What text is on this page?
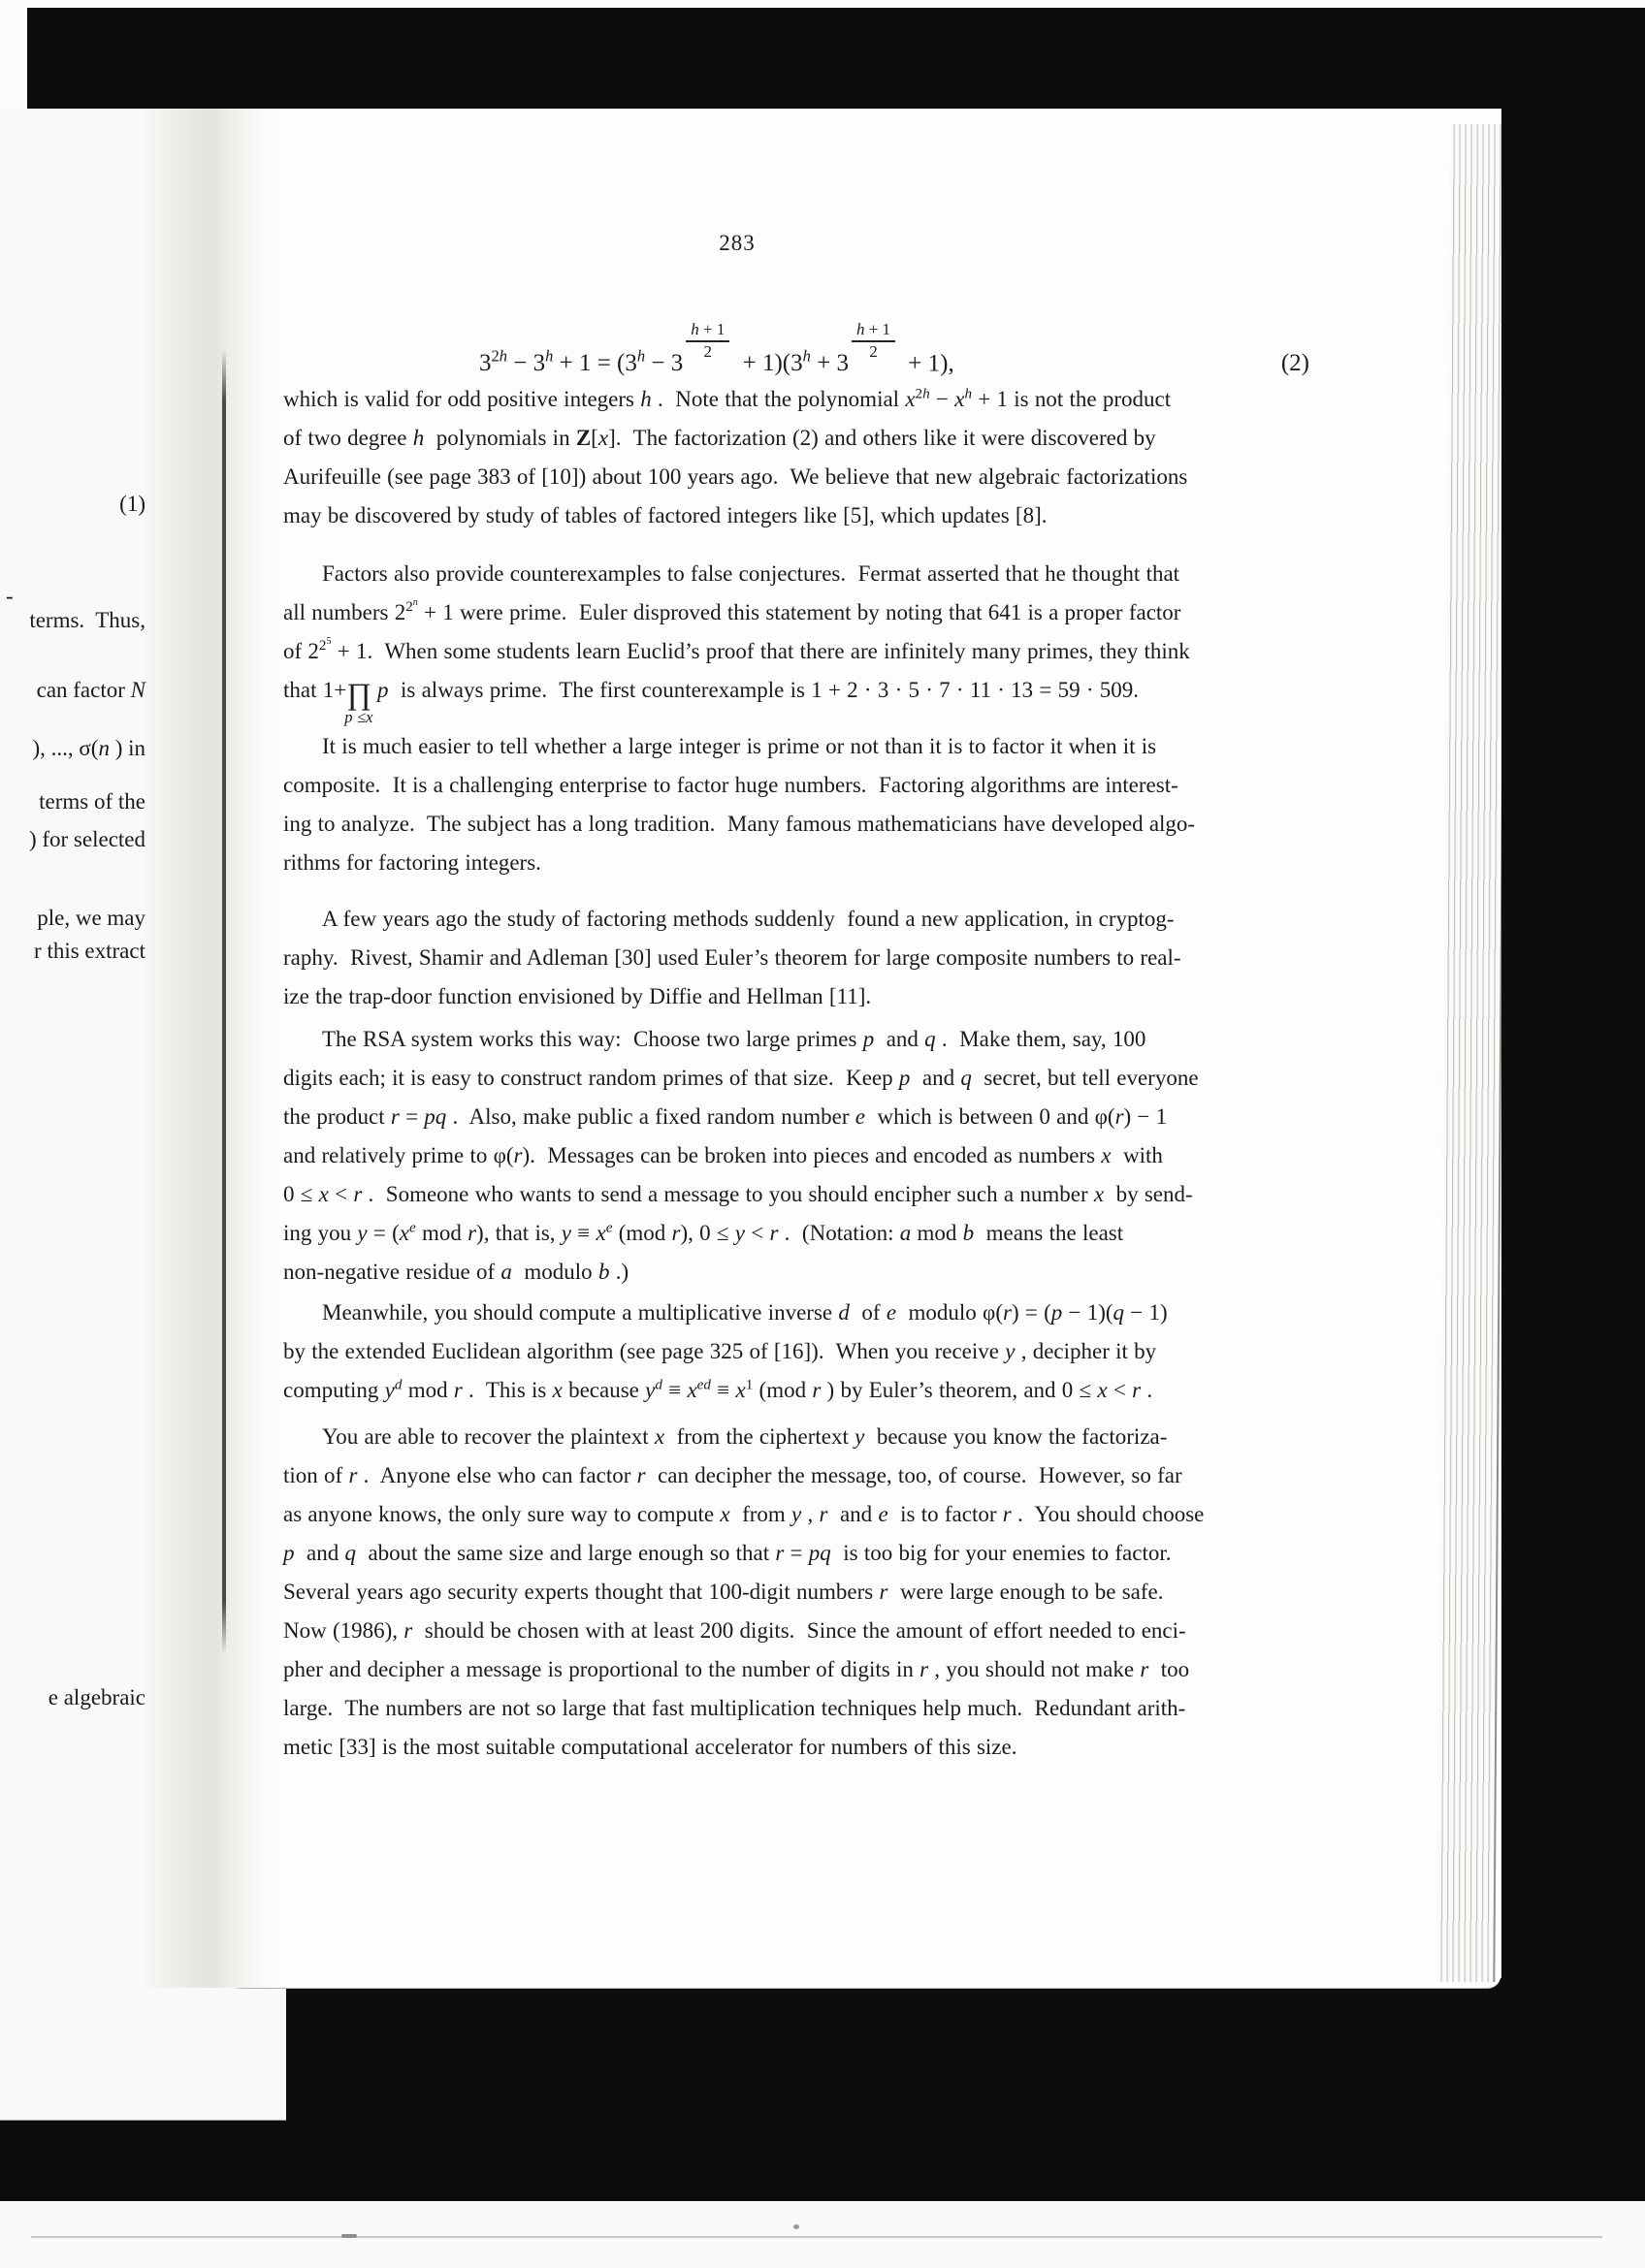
283
$3^{2h} - 3^h + 1 = (3^h - 3$
$\frac{h + 1}{2}$
+ $1)(3^h + 3$
$\frac{h + 1}{2}$
+ 1),	(2)
which is valid for odd positive integers h .  Note that the polynomial $x^{2h} - x^h + 1$ is not the product
of two degree h  polynomials in Z[x].  The factorization (2) and others like it were discovered by
Aurifeuille (see page 383 of [10]) about 100 years ago.  We believe that new algebraic factorizations
may be discovered by study of tables of factored integers like [5], which updates [8].
Factors also provide counterexamples to false conjectures.  Fermat asserted that he thought that
all numbers $2^{2^n} + 1$ were prime.  Euler disproved this statement by noting that 641 is a proper factor
of $2^{2^5} + 1$.  When some students learn Euclid’s proof that there are infinitely many primes, they think
that 1+∏
p ≤x
p  is always prime.  The first counterexample is 1 + 2 · 3 · 5 · 7 · 11 · 13 = 59 · 509.
It is much easier to tell whether a large integer is prime or not than it is to factor it when it is
composite.  It is a challenging enterprise to factor huge numbers.  Factoring algorithms are interest-
ing to analyze.  The subject has a long tradition.  Many famous mathematicians have developed algo-
rithms for factoring integers.
A few years ago the study of factoring methods suddenly  found a new application, in cryptog-
raphy.  Rivest, Shamir and Adleman [30] used Euler’s theorem for large composite numbers to real-
ize the trap-door function envisioned by Diffie and Hellman [11].
The RSA system works this way:  Choose two large primes p  and q .  Make them, say, 100
digits each; it is easy to construct random primes of that size.  Keep p  and q  secret, but tell everyone
the product r = pq .  Also, make public a fixed random number e  which is between 0 and φ(r) − 1
and relatively prime to φ(r).  Messages can be broken into pieces and encoded as numbers x  with
0 ≤ x < r .  Someone who wants to send a message to you should encipher such a number x  by send-
ing you $y = (x^e$ mod r), that is, $y \equiv x^e$ (mod r), 0 ≤ y < r .  (Notation: a mod b  means the least
non-negative residue of a  modulo b .)
Meanwhile, you should compute a multiplicative inverse d  of e  modulo φ(r) = (p − 1)(q − 1)
by the extended Euclidean algorithm (see page 325 of [16]).  When you receive y , decipher it by
computing $y^d$ mod r .  This is x because $y^d \equiv x^{ed} \equiv x^1$ (mod r ) by Euler’s theorem, and 0 ≤ x < r .
You are able to recover the plaintext x  from the ciphertext y  because you know the factoriza-
tion of r .  Anyone else who can factor r  can decipher the message, too, of course.  However, so far
as anyone knows, the only sure way to compute x  from y , r  and e  is to factor r .  You should choose
p  and q  about the same size and large enough so that r = pq  is too big for your enemies to factor.
Several years ago security experts thought that 100-digit numbers r  were large enough to be safe.
Now (1986), r  should be chosen with at least 200 digits.  Since the amount of effort needed to enci-
pher and decipher a message is proportional to the number of digits in r , you should not make r  too
large.  The numbers are not so large that fast multiplication techniques help much.  Redundant arith-
metic [33] is the most suitable computational accelerator for numbers of this size.
(1)
-
terms.  Thus,
can factor N
), ..., σ(n ) in
terms of the
) for selected
ple, we may
r this extract
e algebraic
